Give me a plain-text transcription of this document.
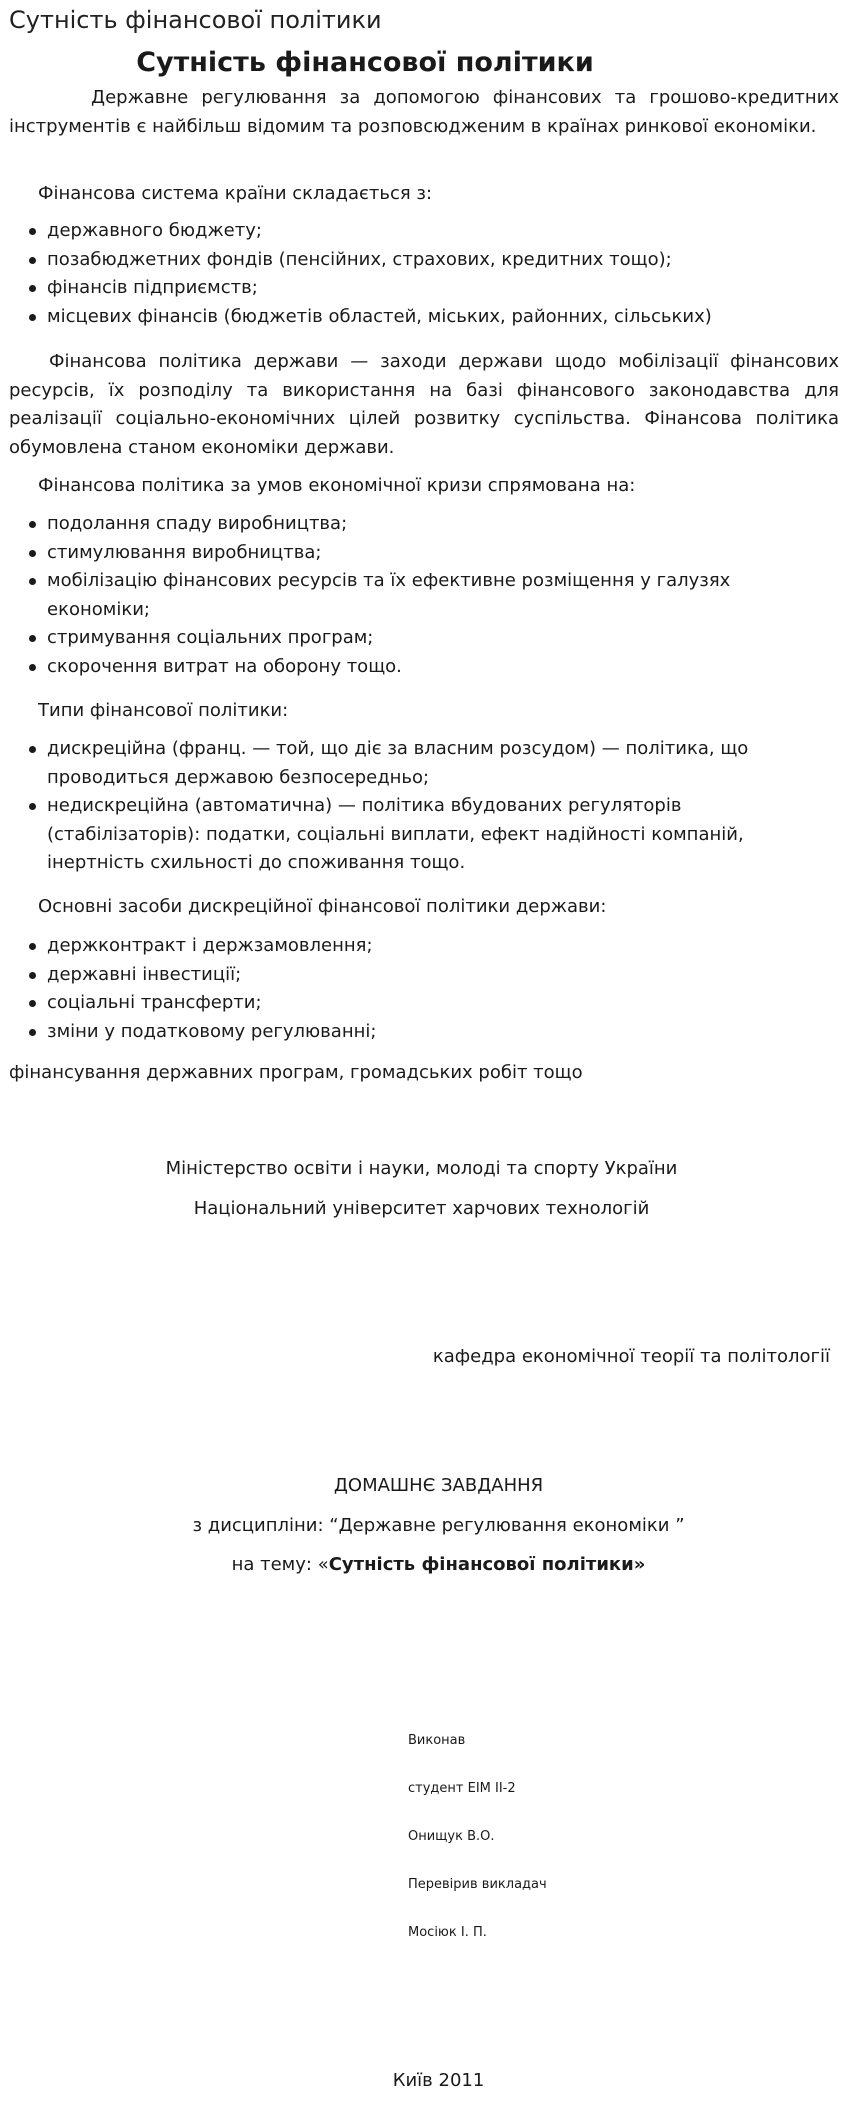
Сутність фінансової політики
Сутність фінансової політики

Державне регулювання за допомогою фінансових та грошово-кредитних інструментів є найбільш відомим та розповсюдженим в країнах ринкової економіки.

Фінансова система країни складається з:

державного бюджету;
позабюджетних фондів (пенсійних, страхових, кредитних тощо);
фінансів підприємств;
місцевих фінансів (бюджетів областей, міських, районних, сільських)

Фінансова політика держави — заходи держави щодо мобілізації фінансових ресурсів, їх розподілу та використання на базі фінансового законодавства для реалізації соціально-економічних цілей розвитку суспільства. Фінансова політика обумовлена станом економіки держави.

Фінансова політика за умов економічної кризи спрямована на:

подолання спаду виробництва;
стимулювання виробництва;
мобілізацію фінансових ресурсів та їх ефективне розміщення у галузях економіки;
стримування соціальних програм;
скорочення витрат на оборону тощо.

Типи фінансової політики:

дискреційна (франц. — той, що діє за власним розсудом) — політика, що проводиться державою безпосередньо;
недискреційна (автоматична) — політика вбудованих регуляторів (стабілізаторів): податки, соціальні виплати, ефект надійності компаній, інертність схильності до споживання тощо.

Основні засоби дискреційної фінансової політики держави:

держконтракт і держзамовлення;
державні інвестиції;
соціальні трансферти;
зміни у податковому регулюванні;

фінансування державних програм, громадських робіт тощо

Міністерство освіти і науки, молоді та спорту України

Національний університет харчових технологій

кафедра економічної теорії та політології

ДОМАШНЄ ЗАВДАННЯ

з дисципліни: “Державне регулювання економіки ”

на тему: «Сутність фінансової політики»

Виконав
студент ЕІМ ІІ-2
Онищук В.О.
Перевірив викладач
Мосіюк І. П.

Київ 2011
